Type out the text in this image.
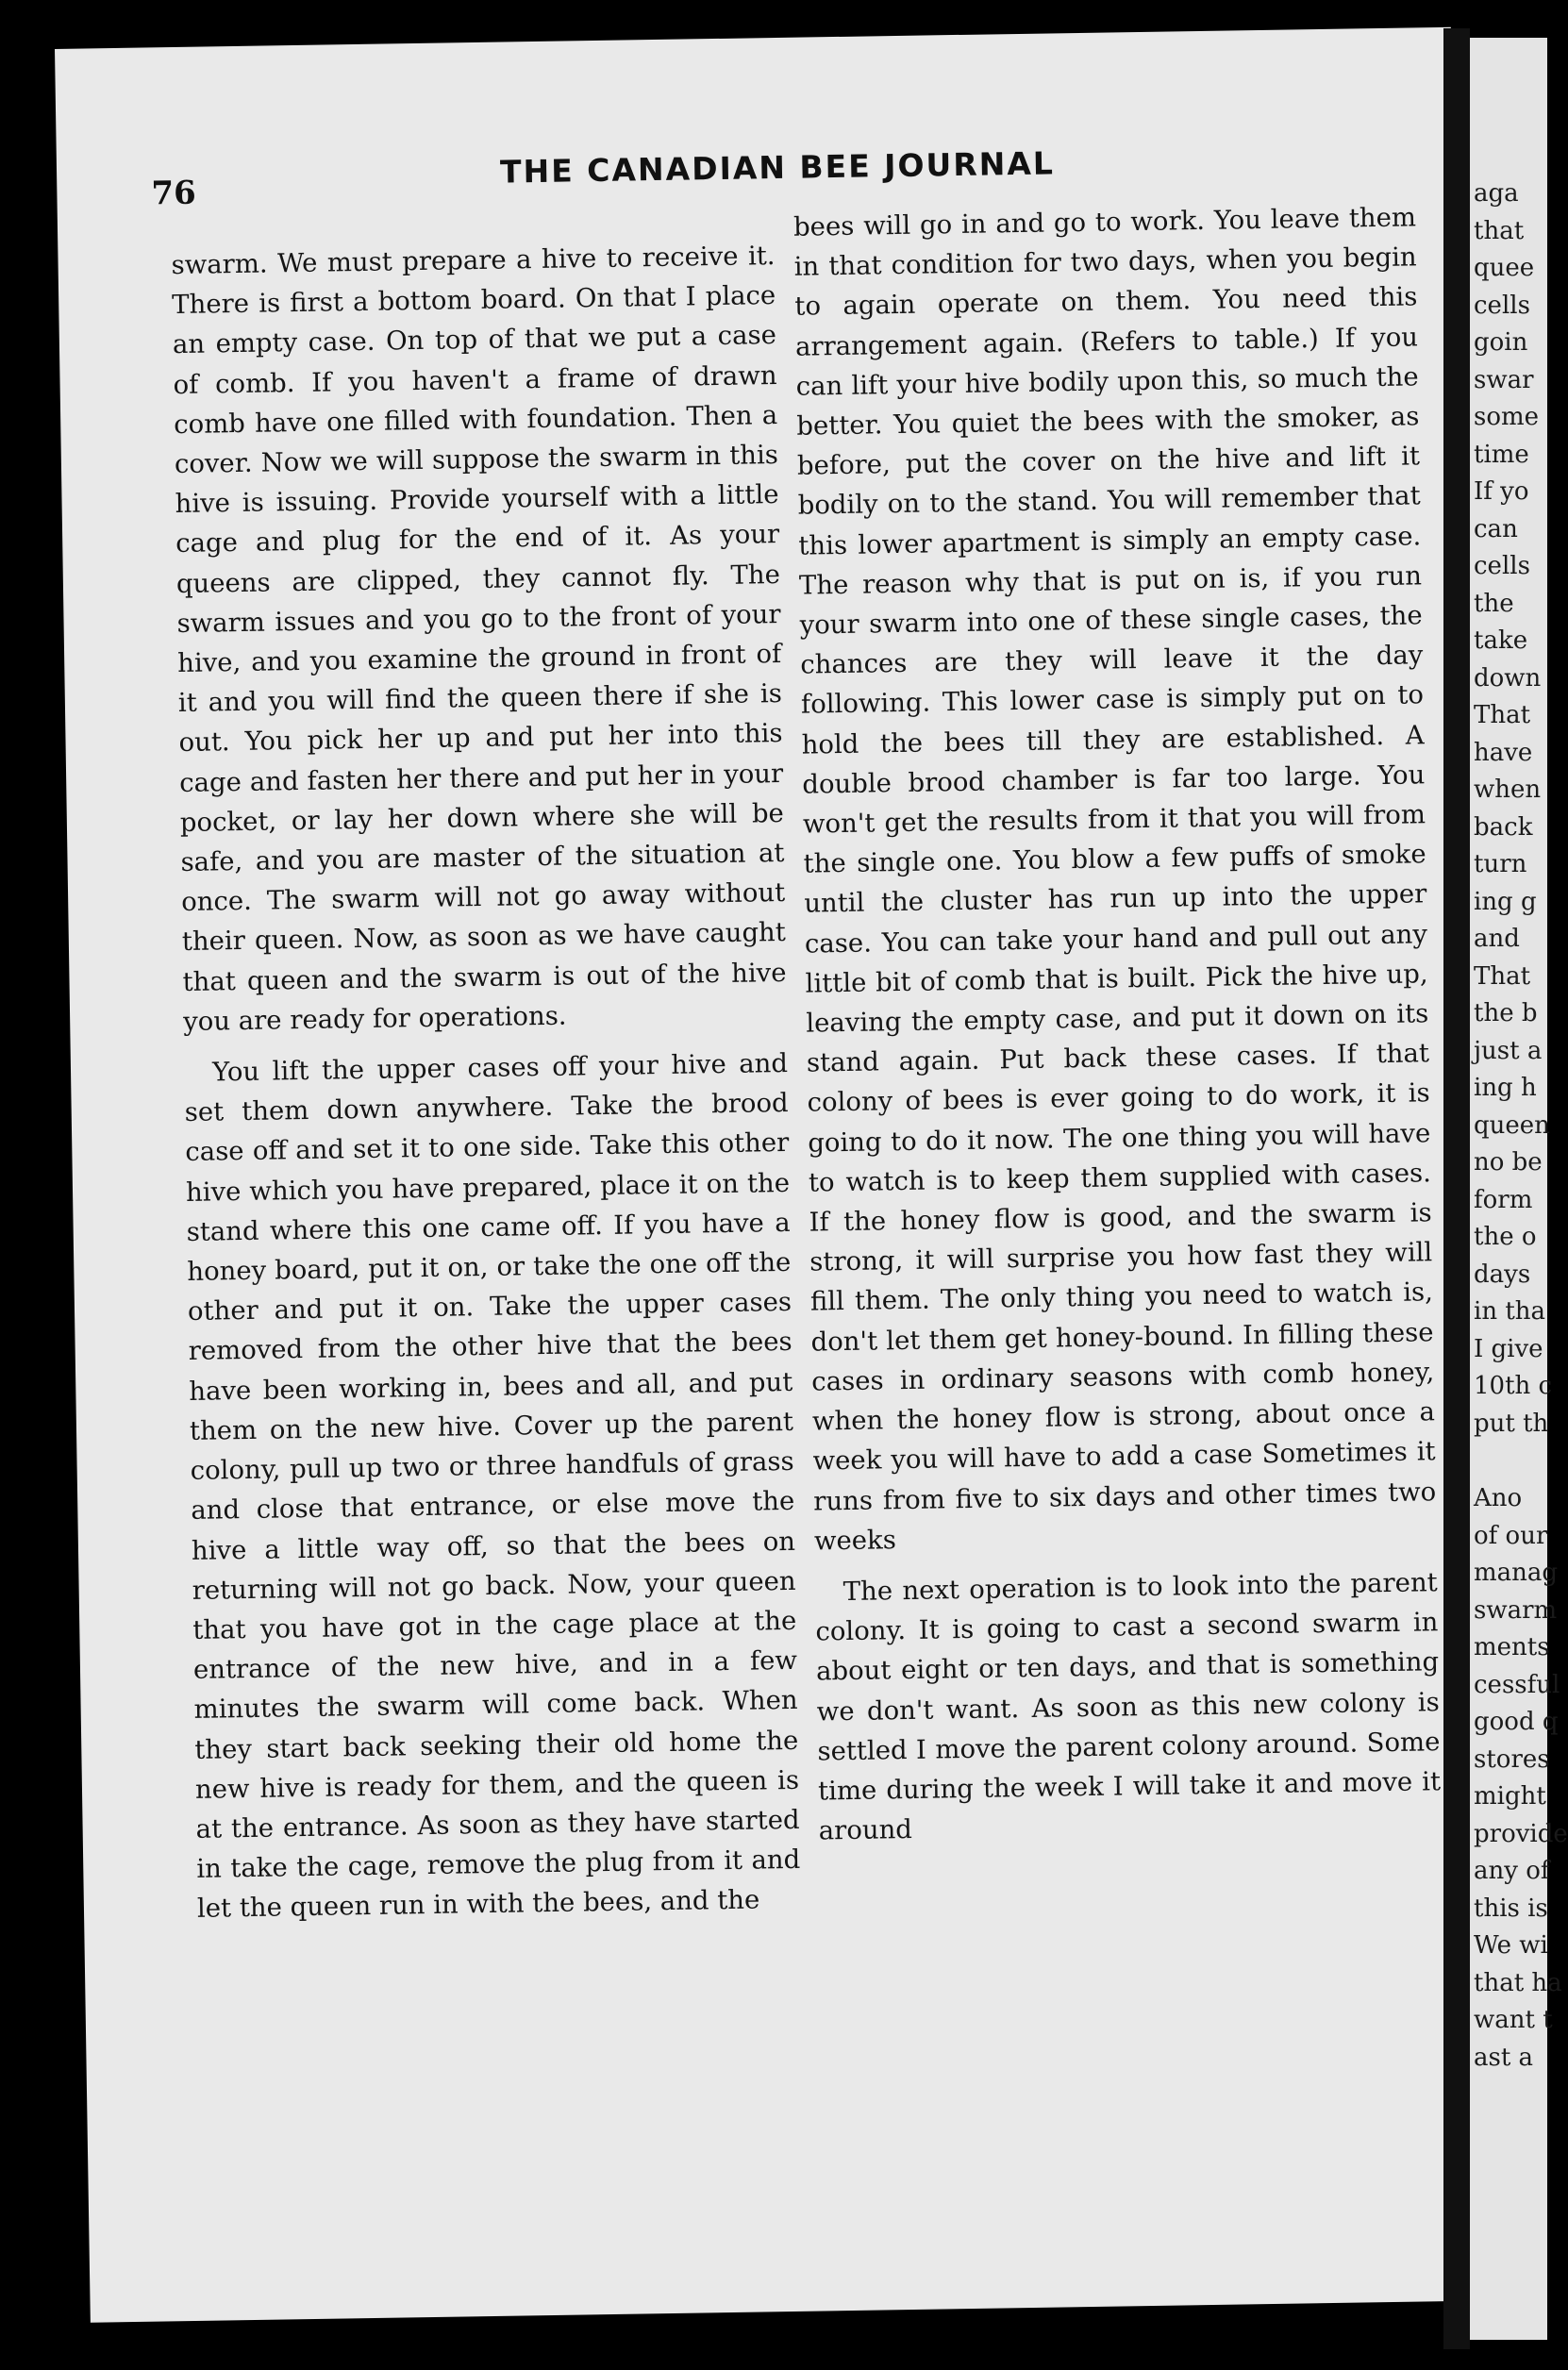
76
THE CANADIAN BEE JOURNAL

swarm. We must prepare a hive to receive it. There is first a bottom board. On that I place an empty case. On top of that we put a case of comb. If you haven't a frame of drawn comb have one filled with foundation. Then a cover. Now we will suppose the swarm in this hive is issuing. Provide yourself with a little cage and plug for the end of it. As your queens are clipped, they cannot fly. The swarm issues and you go to the front of your hive, and you examine the ground in front of it and you will find the queen there if she is out. You pick her up and put her into this cage and fasten her there and put her in your pocket, or lay her down where she will be safe, and you are master of the situation at once. The swarm will not go away without their queen. Now, as soon as we have caught that queen and the swarm is out of the hive you are ready for operations.

You lift the upper cases off your hive and set them down anywhere. Take the brood case off and set it to one side. Take this other hive which you have prepared, place it on the stand where this one came off. If you have a honey board, put it on, or take the one off the other and put it on. Take the upper cases removed from the other hive that the bees have been working in, bees and all, and put them on the new hive. Cover up the parent colony, pull up two or three handfuls of grass and close that entrance, or else move the hive a little way off, so that the bees on returning will not go back. Now, your queen that you have got in the cage place at the entrance of the new hive, and in a few minutes the swarm will come back. When they start back seeking their old home the new hive is ready for them, and the queen is at the entrance. As soon as they have started in take the cage, remove the plug from it and let the queen run in with the bees, and the

bees will go in and go to work. You leave them in that condition for two days, when you begin to again operate on them. You need this arrangement again. (Refers to table.) If you can lift your hive bodily upon this, so much the better. You quiet the bees with the smoker, as before, put the cover on the hive and lift it bodily on to the stand. You will remember that this lower apartment is simply an empty case. The reason why that is put on is, if you run your swarm into one of these single cases, the chances are they will leave it the day following. This lower case is simply put on to hold the bees till they are established. A double brood chamber is far too large. You won't get the results from it that you will from the single one. You blow a few puffs of smoke until the cluster has run up into the upper case. You can take your hand and pull out any little bit of comb that is built. Pick the hive up, leaving the empty case, and put it down on its stand again. Put back these cases. If that colony of bees is ever going to do work, it is going to do it now. The one thing you will have to watch is to keep them supplied with cases. If the honey flow is good, and the swarm is strong, it will surprise you how fast they will fill them. The only thing you need to watch is, don't let them get honey-bound. In filling these cases in ordinary seasons with comb honey, when the honey flow is strong, about once a week you will have to add a case Sometimes it runs from five to six days and other times two weeks

The next operation is to look into the parent colony. It is going to cast a second swarm in about eight or ten days, and that is something we don't want. As soon as this new colony is settled I move the parent colony around. Some time during the week I will take it and move it around

aga
that
quee
cells
goin
swar
some
time
If yo
can
cells
the
take
down
That
have
when
back
turn
ing g
and
That
the b
just a
ing h
queen
no be
form
the o
days
in tha
I give
10th c
put th
Ano
of our
manag
swarm
ments
cessful
good q
stores
might
provide
any of
this is
We wi
that ha
want t
ast a
